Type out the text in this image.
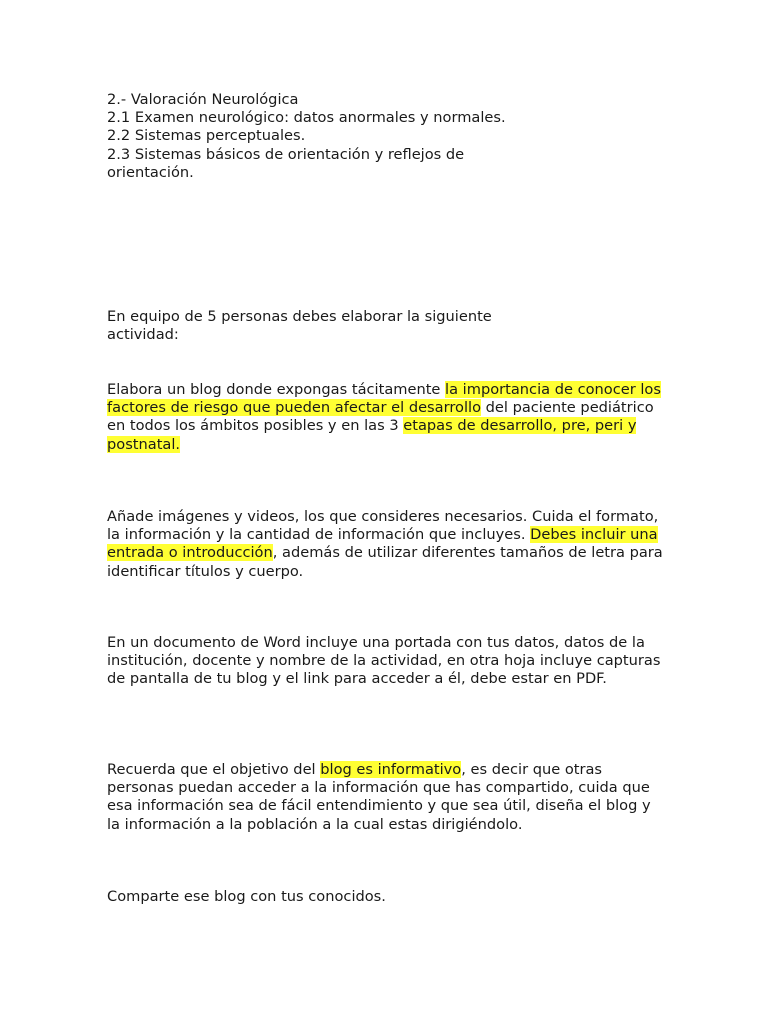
2.- Valoración Neurológica

2.1 Examen neurológico: datos anormales y normales.

2.2 Sistemas perceptuales.

2.3 Sistemas básicos de orientación y reflejos de
orientación.

En equipo de 5 personas debes elaborar la siguiente
actividad:

Elabora un blog donde expongas tácitamente la importancia de conocer los factores de riesgo que pueden afectar el desarrollo del paciente pediátrico en todos los ámbitos posibles y en las 3 etapas de desarrollo, pre, peri y postnatal.

Añade imágenes y videos, los que consideres necesarios. Cuida el formato, la información y la cantidad de información que incluyes. Debes incluir una entrada o introducción, además de utilizar diferentes tamaños de letra para identificar títulos y cuerpo.

En un documento de Word incluye una portada con tus datos, datos de la institución, docente y nombre de la actividad, en otra hoja incluye capturas de pantalla de tu blog y el link para acceder a él, debe estar en PDF.

Recuerda que el objetivo del blog es informativo, es decir que otras personas puedan acceder a la información que has compartido, cuida que esa información sea de fácil entendimiento y que sea útil, diseña el blog y la información a la población a la cual estas dirigiéndolo.

Comparte ese blog con tus conocidos.
